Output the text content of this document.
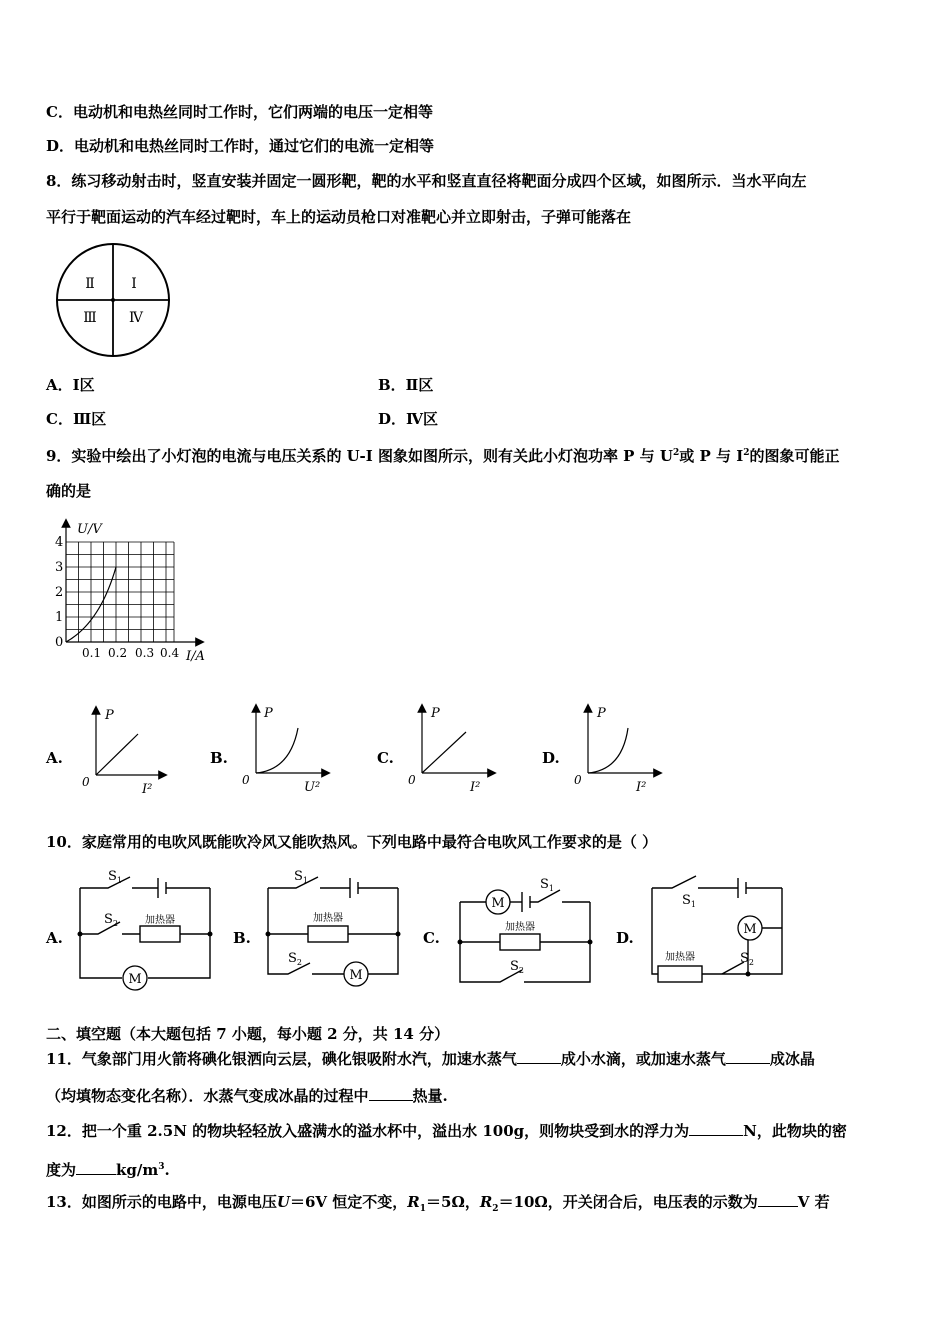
C．电动机和电热丝同时工作时，它们两端的电压一定相等
D．电动机和电热丝同时工作时，通过它们的电流一定相等
8．练习移动射击时，竖直安装并固定一圆形靶，靶的水平和竖直直径将靶面分成四个区域，如图所示．当水平向左
平行于靶面运动的汽车经过靶时，车上的运动员枪口对准靶心并立即射击，子弹可能落在
Ⅱ	Ⅰ
Ⅲ Ⅳ
A．Ⅰ区	B．Ⅱ区
C．Ⅲ区	D．Ⅳ区
9．实验中绘出了小灯泡的电流与电压关系的 U-I 图象如图所示，则有关此小灯泡功率 P 与 $U^2$或 P 与 $I^2$的图象可能正
确的是
U/V
I/A
4
3
2
1
0
0.1 0.2 0.3 0.4
A.
P
0	I²
B.
P
0	U²
C.
P
0	I²
D.
P
0	I²
10．家庭常用的电吹风既能吹冷风又能吹热风。下列电路中最符合电吹风工作要求的是（ ）
A.
M
$S_1$
$S_2$	加热器
B.
M
$S_1$
$S_2$
加热器
C.
M
$S_1$
$S_2$
加热器
D.	M
$S_1$
$S_2$
加热器
二、填空题（本大题包括 7 小题，每小题 2 分，共 14 分）
11．气象部门用火箭将碘化银洒向云层，碘化银吸附水汽，加速水蒸气	成小水滴，或加速水蒸气	成冰晶
（均填物态变化名称）．水蒸气变成冰晶的过程中	热量.
12．把一个重 2.5N 的物块轻轻放入盛满水的溢水杯中，溢出水 100g，则物块受到水的浮力为	N，此物块的密
度为	$kg/m^3$.
13．如图所示的电路中，电源电压U＝6V 恒定不变，$R_1=5\Omega$，$R_2=10\Omega$，开关闭合后，电压表的示数为	V 若
